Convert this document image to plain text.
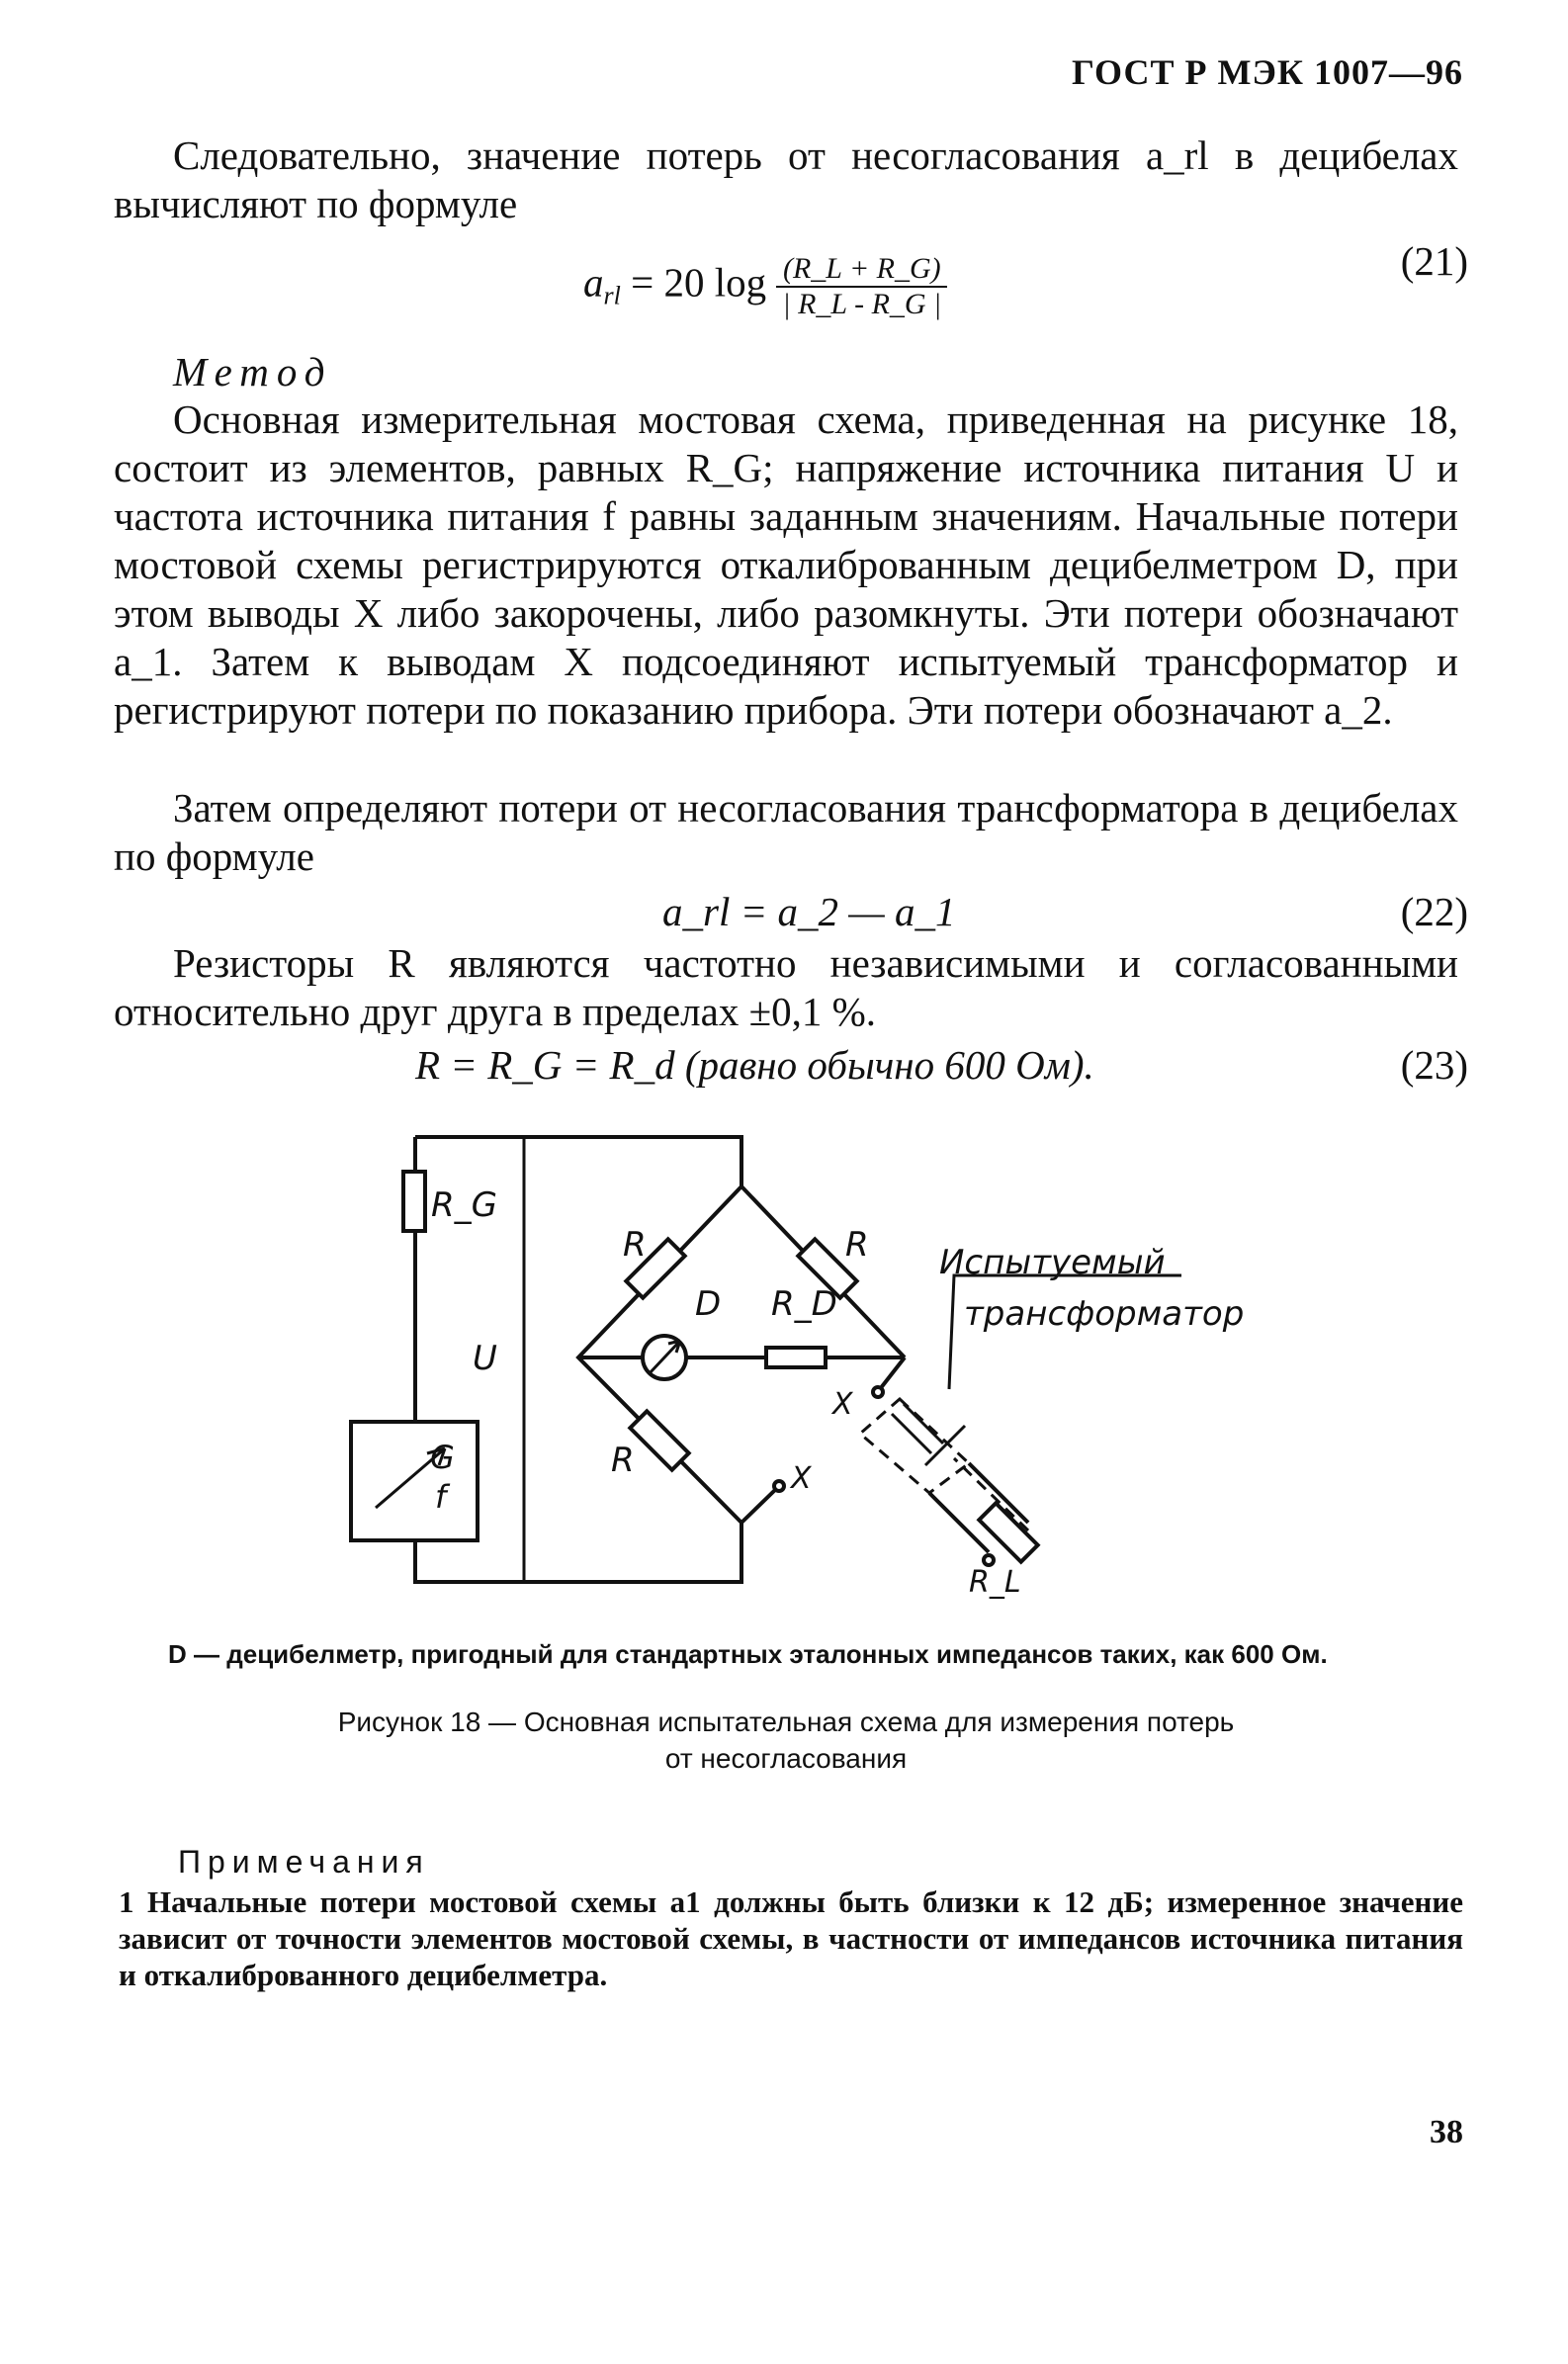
ГОСТ Р МЭК 1007—96
Следовательно, значение потерь от несогласования a_rl в децибелах вычисляют по формуле
$a_{rl} = 20$ $\log \frac{(R\_L + R\_G)}{| R\_L - R\_G |}$	(21)
Метод
Основная измерительная мостовая схема, приведенная на рисунке 18, состоит из элементов, равных R_G; напряжение источника питания U и частота источника питания f равны заданным значениям. Начальные потери мостовой схемы регистрируются откалиброванным децибелметром D, при этом выводы X либо закорочены, либо разомкнуты. Эти потери обозначают a_1. Затем к выводам X подсоединяют испытуемый трансформатор и регистрируют потери по показанию прибора. Эти потери обозначают a_2.
Затем определяют потери от несогласования трансформатора в децибелах по формуле
a_rl = a_2 — a_1	(22)
Резисторы R являются частотно независимыми и согласованными относительно друг друга в пределах ±0,1 %.
R = R_G = R_d (равно обычно 600 Ом).	(23)
R_G
U
G
f
R	R
R
D R_D
X
X
R_L
Испытуемый
трансформатор
D — децибелметр, пригодный для стандартных эталонных импедансов таких, как 600 Ом.
Рисунок 18 — Основная испытательная схема для измерения потерь
от несогласования
Примечания
1 Начальные потери мостовой схемы a1 должны быть близки к 12 дБ; измеренное значение зависит от точности элементов мостовой схемы, в частности от импедансов источника питания и откалиброванного децибелметра.
38
